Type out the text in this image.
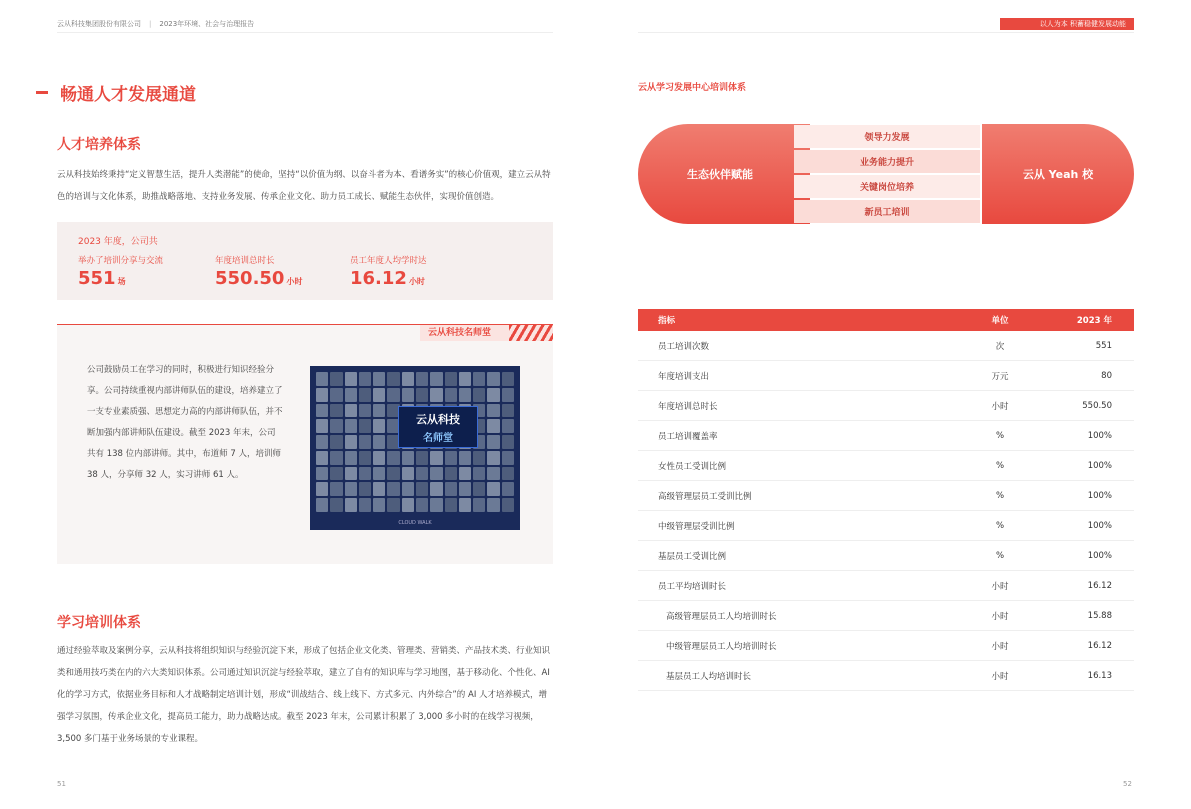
云从科技集团股份有限公司 | 2023年环境、社会与治理报告	以人为本 积蓄稳健发展动能
畅通人才发展通道
人才培养体系
云从科技始终秉持“定义智慧生活，提升人类潜能”的使命，坚持“以价值为纲、以奋斗者为本、看谱务实”的核心价值观，建立云从特色的培训与文化体系，助推战略落地、支持业务发展、传承企业文化、助力员工成长、赋能生态伙伴，实现价值创造。
2023 年度，公司共
举办了培训分享与交流
551 场
年度培训总时长
550.50 小时
员工年度人均学时达
16.12 小时
云从科技名师堂
公司鼓励员工在学习的同时，积极进行知识经验分享。公司持续重视内部讲师队伍的建设，培养建立了一支专业素质强、思想定力高的内部讲师队伍，并不断加强内部讲师队伍建设。截至 2023 年末，公司共有 138 位内部讲师。其中，布道师 7 人，培训师 38 人，分享师 32 人，实习讲师 61 人。
云从科技
名师堂
CLOUD WALK
学习培训体系
通过经验萃取及案例分享，云从科技将组织知识与经验沉淀下来，形成了包括企业文化类、管理类、营销类、产品技术类、行业知识类和通用技巧类在内的六大类知识体系。公司通过知识沉淀与经验萃取，建立了自有的知识库与学习地图，基于移动化、个性化、AI 化的学习方式，依据业务目标和人才战略制定培训计划，形成“训战结合、线上线下、方式多元、内外综合”的 AI 人才培养模式，增强学习氛围，传承企业文化，提高员工能力，助力战略达成。截至 2023 年末，公司累计积累了 3,000 多小时的在线学习视频，3,500 多门基于业务场景的专业课程。
51
云从学习发展中心培训体系
生态伙伴赋能
领导力发展
业务能力提升
关键岗位培养
新员工培训
云从 Yeah 校
指标	单位	2023 年
员工培训次数	次	551
年度培训支出	万元	80
年度培训总时长	小时	550.50
员工培训覆盖率	%	100%
女性员工受训比例	%	100%
高级管理层员工受训比例	%	100%
中级管理层受训比例	%	100%
基层员工受训比例	%	100%
员工平均培训时长	小时	16.12
高级管理层员工人均培训时长	小时	15.88
中级管理层员工人均培训时长	小时	16.12
基层员工人均培训时长	小时	16.13
52
